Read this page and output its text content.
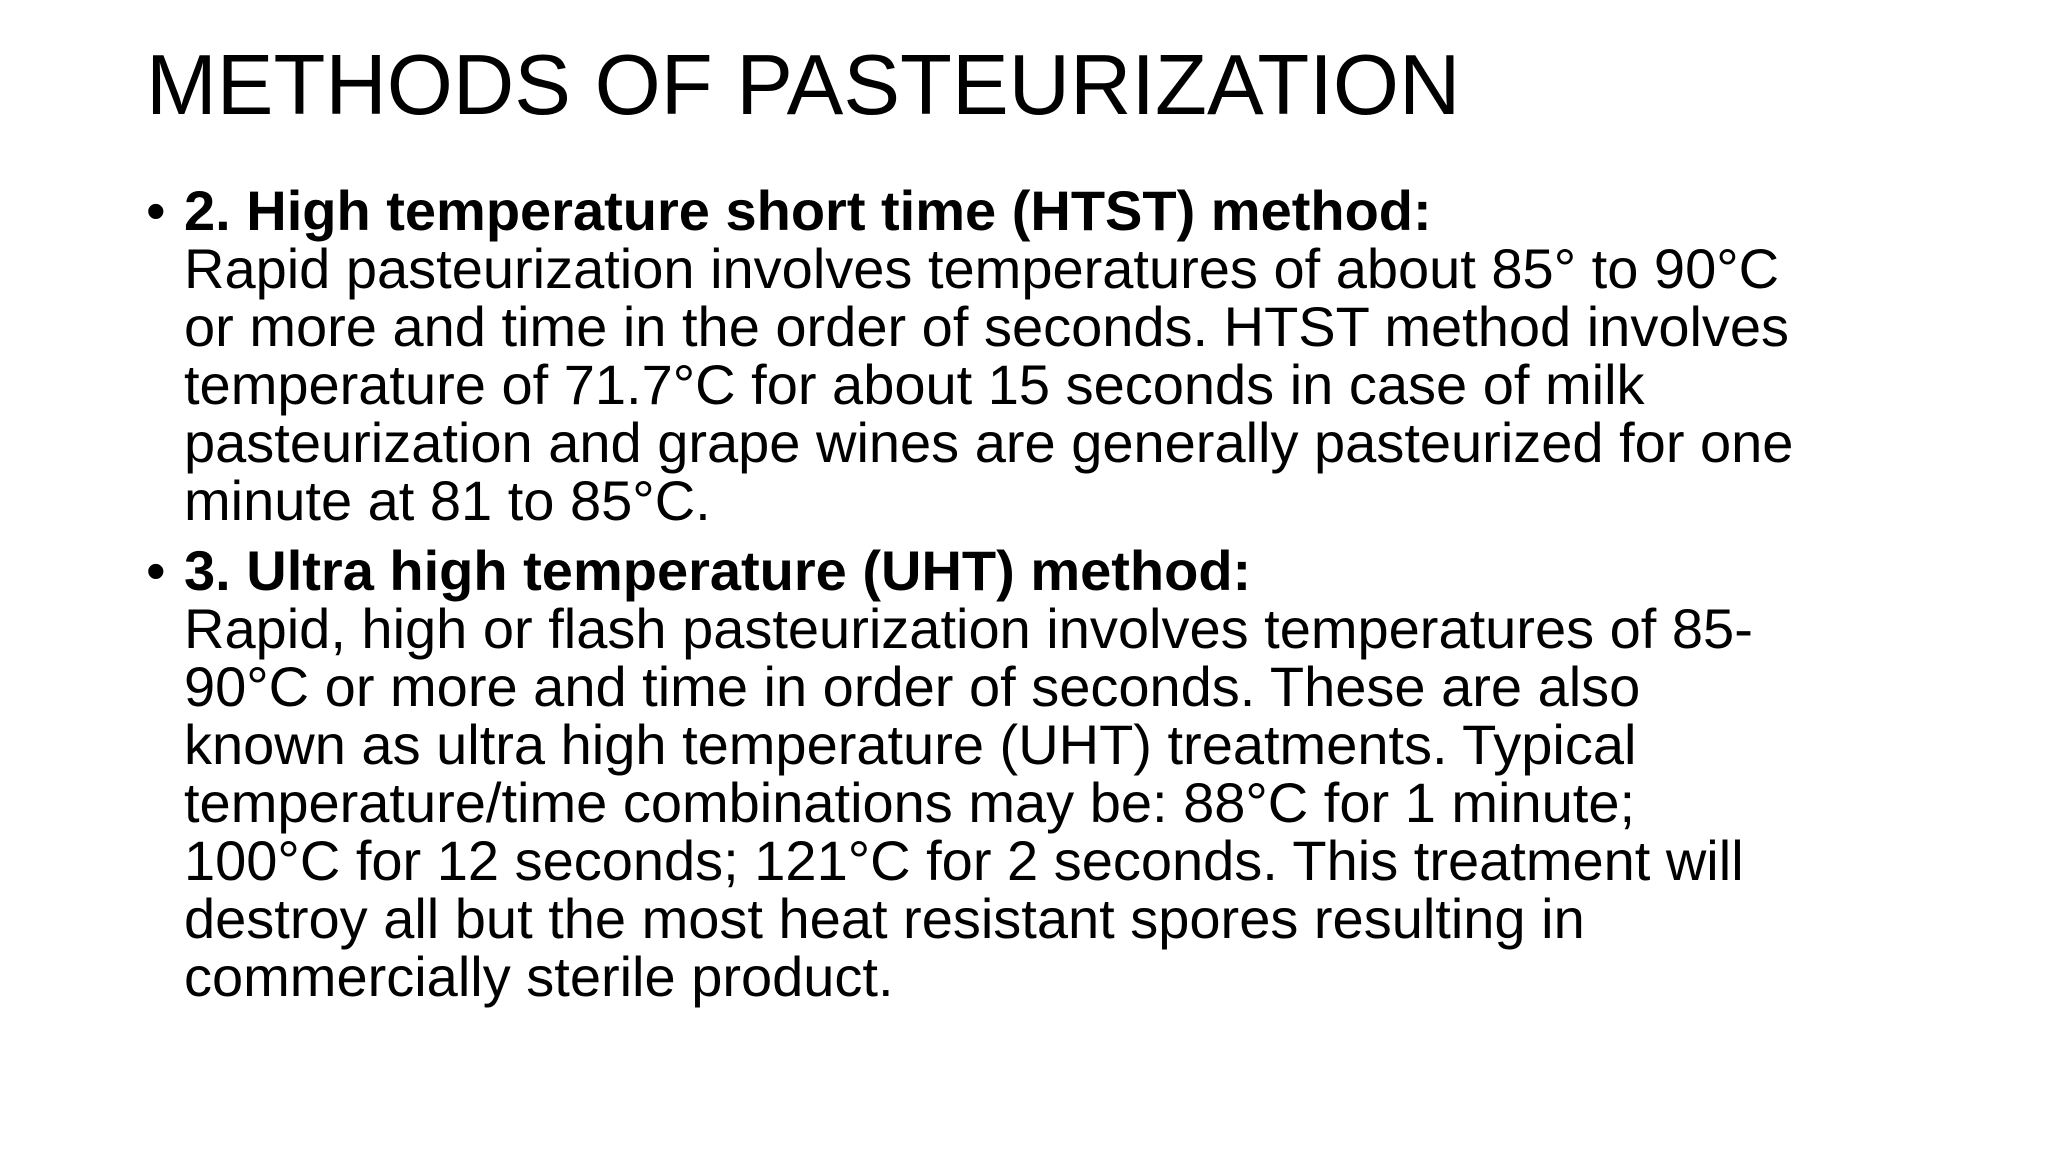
METHODS OF PASTEURIZATION
• 2. High temperature short time (HTST) method:
Rapid pasteurization involves temperatures of about 85° to 90°C
or more and time in the order of seconds. HTST method involves
temperature of 71.7°C for about 15 seconds in case of milk
pasteurization and grape wines are generally pasteurized for one
minute at 81 to 85°C.
• 3. Ultra high temperature (UHT) method:
Rapid, high or flash pasteurization involves temperatures of 85-
90°C or more and time in order of seconds. These are also
known as ultra high temperature (UHT) treatments. Typical
temperature/time combinations may be: 88°C for 1 minute;
100°C for 12 seconds; 121°C for 2 seconds. This treatment will
destroy all but the most heat resistant spores resulting in
commercially sterile product.
